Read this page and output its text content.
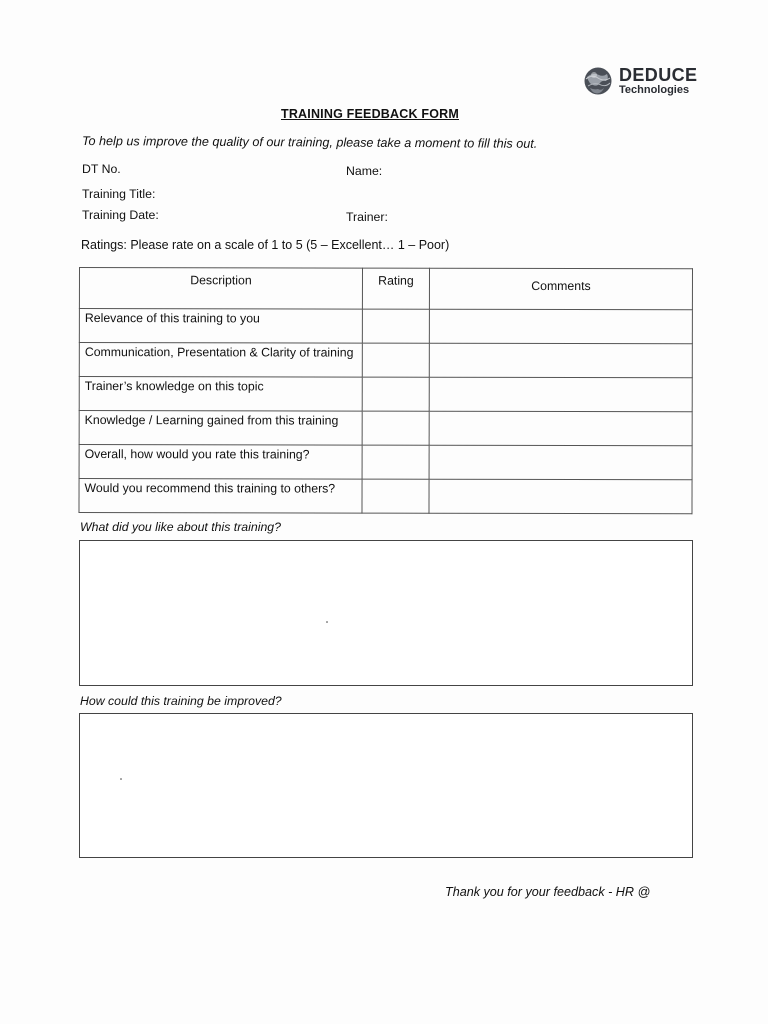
DEDUCE
Technologies
TRAINING FEEDBACK FORM
To help us improve the quality of our training, please take a moment to fill this out.
DT No.	Name:
Training Title:
Training Date:	Trainer:
Ratings: Please rate on a scale of 1 to 5 (5 – Excellent… 1 – Poor)
Description	Rating	Comments

Relevance of this training to you		

Communication, Presentation & Clarity of training		

Trainer’s knowledge on this topic		

Knowledge / Learning gained from this training		

Overall, how would you rate this training?		

Would you recommend this training to others?		

What did you like about this training?
How could this training be improved?
Thank you for your feedback - HR @
